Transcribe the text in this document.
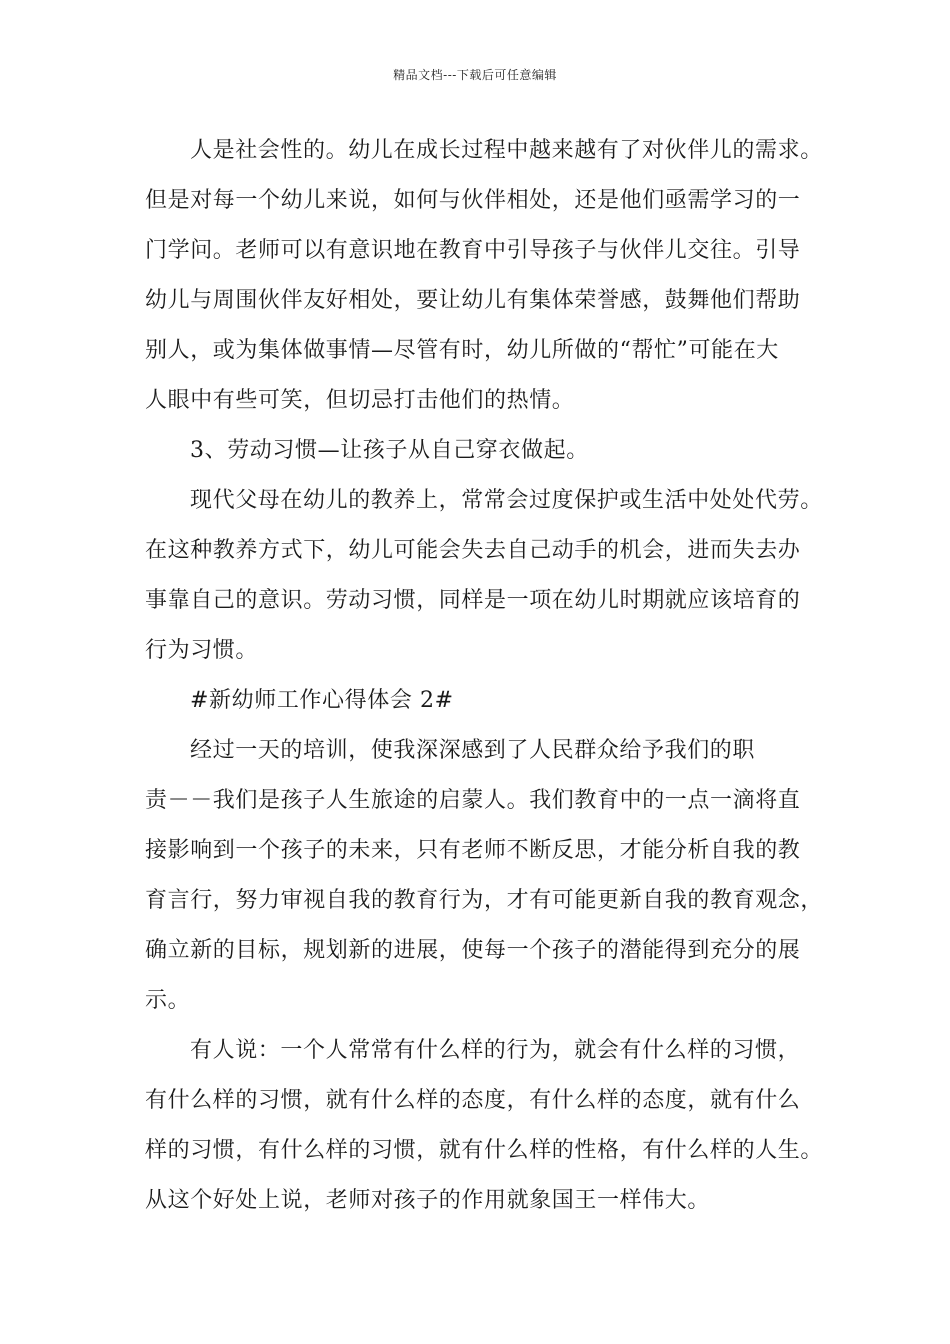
精品文档---下载后可任意编辑
人是社会性的。幼儿在成长过程中越来越有了对伙伴儿的需求。
但是对每一个幼儿来说，如何与伙伴相处，还是他们亟需学习的一
门学问。老师可以有意识地在教育中引导孩子与伙伴儿交往。引导
幼儿与周围伙伴友好相处，要让幼儿有集体荣誉感，鼓舞他们帮助
别人，或为集体做事情—尽管有时，幼儿所做的“帮忙”可能在大
人眼中有些可笑，但切忌打击他们的热情。
3、劳动习惯—让孩子从自己穿衣做起。
现代父母在幼儿的教养上，常常会过度保护或生活中处处代劳。
在这种教养方式下，幼儿可能会失去自己动手的机会，进而失去办
事靠自己的意识。劳动习惯，同样是一项在幼儿时期就应该培育的
行为习惯。
#新幼师工作心得体会 2#
经过一天的培训，使我深深感到了人民群众给予我们的职
责－－我们是孩子人生旅途的启蒙人。我们教育中的一点一滴将直
接影响到一个孩子的未来，只有老师不断反思，才能分析自我的教
育言行，努力审视自我的教育行为，才有可能更新自我的教育观念，
确立新的目标，规划新的进展，使每一个孩子的潜能得到充分的展
示。
有人说：一个人常常有什么样的行为，就会有什么样的习惯，
有什么样的习惯，就有什么样的态度，有什么样的态度，就有什么
样的习惯，有什么样的习惯，就有什么样的性格，有什么样的人生。
从这个好处上说，老师对孩子的作用就象国王一样伟大。
